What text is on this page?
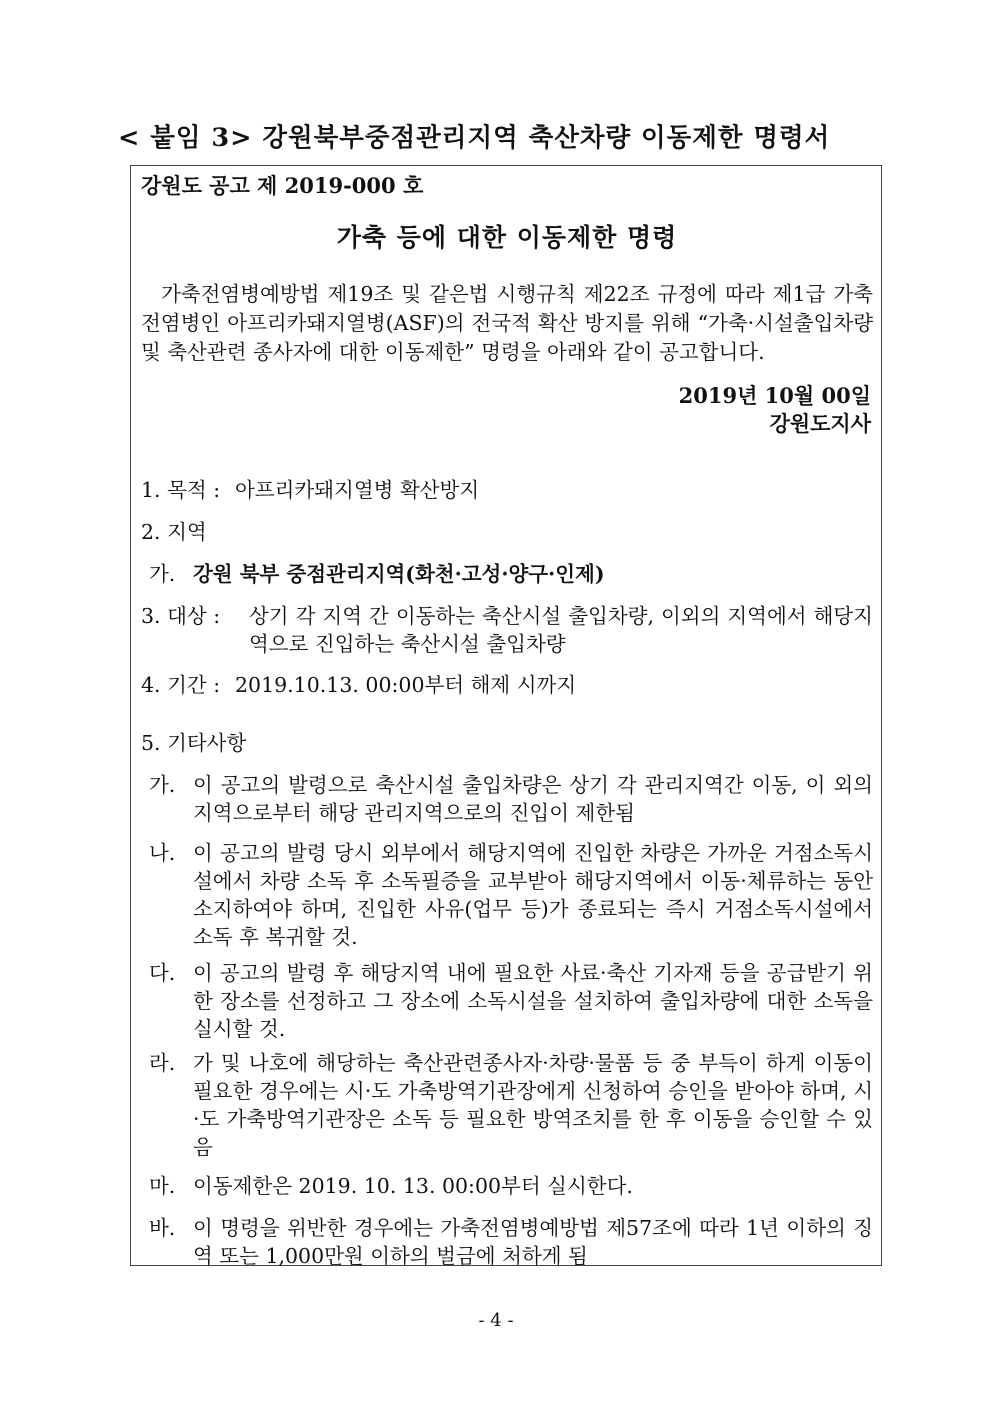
< 붙임 3> 강원북부중점관리지역 축산차량 이동제한 명령서
강원도 공고 제 2019-000 호
가축 등에 대한 이동제한 명령
가축전염병예방법 제19조 및 같은법 시행규칙 제22조 규정에 따라 제1급 가축전염병인 아프리카돼지열병(ASF)의 전국적 확산 방지를 위해 “가축·시설출입차량 및 축산관련 종사자에 대한 이동제한” 명령을 아래와 같이 공고합니다.
2019년 10월 00일
강원도지사
1. 목적 : 아프리카돼지열병 확산방지
2. 지역
가. 강원 북부 중점관리지역(화천·고성·양구·인제)
3. 대상 : 상기 각 지역 간 이동하는 축산시설 출입차량, 이외의 지역에서 해당지역으로 진입하는 축산시설 출입차량
4. 기간 : 2019.10.13. 00:00부터 해제 시까지
5. 기타사항
가. 이 공고의 발령으로 축산시설 출입차량은 상기 각 관리지역간 이동, 이 외의 지역으로부터 해당 관리지역으로의 진입이 제한됨
나. 이 공고의 발령 당시 외부에서 해당지역에 진입한 차량은 가까운 거점소독시설에서 차량 소독 후 소독필증을 교부받아 해당지역에서 이동·체류하는 동안 소지하여야 하며, 진입한 사유(업무 등)가 종료되는 즉시 거점소독시설에서 소독 후 복귀할 것.
다. 이 공고의 발령 후 해당지역 내에 필요한 사료·축산 기자재 등을 공급받기 위한 장소를 선정하고 그 장소에 소독시설을 설치하여 출입차량에 대한 소독을 실시할 것.
라. 가 및 나호에 해당하는 축산관련종사자·차량·물품 등 중 부득이 하게 이동이 필요한 경우에는 시·도 가축방역기관장에게 신청하여 승인을 받아야 하며, 시·도 가축방역기관장은 소독 등 필요한 방역조치를 한 후 이동을 승인할 수 있음
마. 이동제한은 2019. 10. 13. 00:00부터 실시한다.
바. 이 명령을 위반한 경우에는 가축전염병예방법 제57조에 따라 1년 이하의 징역 또는 1,000만원 이하의 벌금에 처하게 됨
- 4 -
